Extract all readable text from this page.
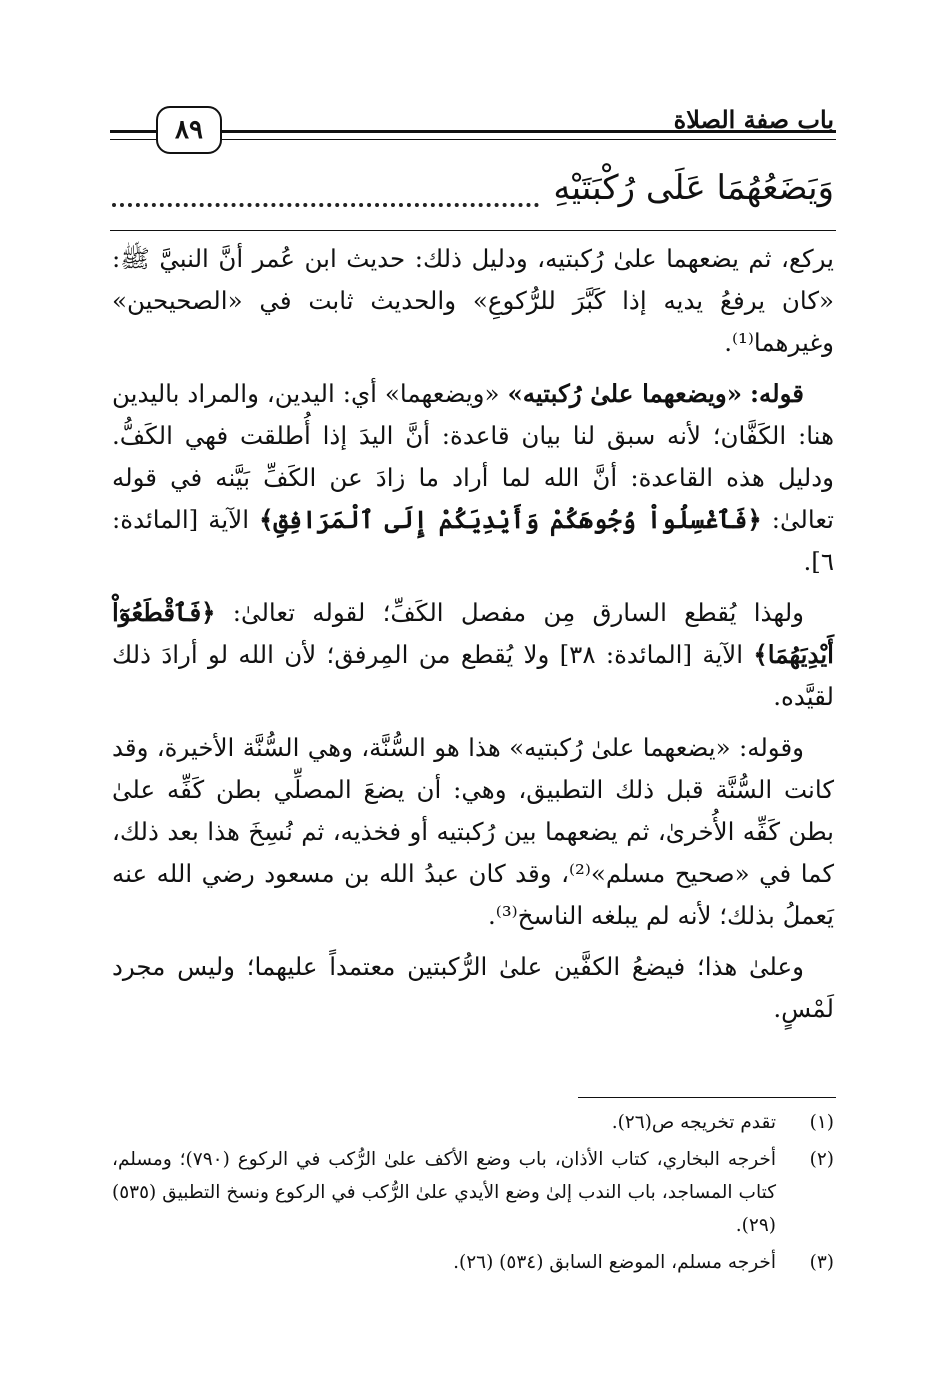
باب صفة الصلاة
٨٩
وَيَضَعُهُمَا عَلَى رُكْبَتَيْهِ

يركع، ثم يضعهما علىٰ رُكبتيه، ودليل ذلك: حديث ابن عُمر أنَّ النبيَّ ﷺ: «كان يرفعُ يديه إذا كَبَّرَ للرُّكوعِ» والحديث ثابت في «الصحيحين» وغيرهما⁽¹⁾.

قوله: «ويضعهما علىٰ رُكبتيه» «ويضعهما» أي: اليدين، والمراد باليدين هنا: الكَفَّان؛ لأنه سبق لنا بيان قاعدة: أنَّ اليدَ إذا أُطلقت فهي الكَفُّ. ودليل هذه القاعدة: أنَّ الله لما أراد ما زادَ عن الكَفِّ بَيَّنه في قوله تعالىٰ: ﴿فَٱغْسِلُواْ وُجُوهَكُمْ وَأَيْدِيَكُمْ إِلَى ٱلْمَرَافِقِ﴾ الآية [المائدة: ٦].

ولهذا يُقطع السارق مِن مفصل الكَفِّ؛ لقوله تعالىٰ: ﴿فَٱقْطَعُوٓاْ أَيْدِيَهُمَا﴾ الآية [المائدة: ٣٨] ولا يُقطع من المِرفق؛ لأن الله لو أرادَ ذلك لقيَّده.

وقوله: «يضعهما علىٰ رُكبتيه» هذا هو السُّنَّة، وهي السُّنَّة الأخيرة، وقد كانت السُّنَّة قبل ذلك التطبيق، وهي: أن يضعَ المصلِّي بطن كَفِّه علىٰ بطن كَفِّه الأُخرىٰ، ثم يضعهما بين رُكبتيه أو فخذيه، ثم نُسِخَ هذا بعد ذلك، كما في «صحيح مسلم»⁽²⁾، وقد كان عبدُ الله بن مسعود رضي الله عنه يَعملُ بذلك؛ لأنه لم يبلغه الناسخ⁽³⁾.

وعلىٰ هذا؛ فيضعُ الكفَّين علىٰ الرُّكبتين معتمداً عليهما؛ وليس مجرد لَمْسٍ.

(١)
تقدم تخريجه ص(٢٦).
(٢)
أخرجه البخاري، كتاب الأذان، باب وضع الأكف علىٰ الرُّكب في الركوع (٧٩٠)؛ ومسلم، كتاب المساجد، باب الندب إلىٰ وضع الأيدي علىٰ الرُّكب في الركوع ونسخ التطبيق (٥٣٥) (٢٩).
(٣)
أخرجه مسلم، الموضع السابق (٥٣٤) (٢٦).
